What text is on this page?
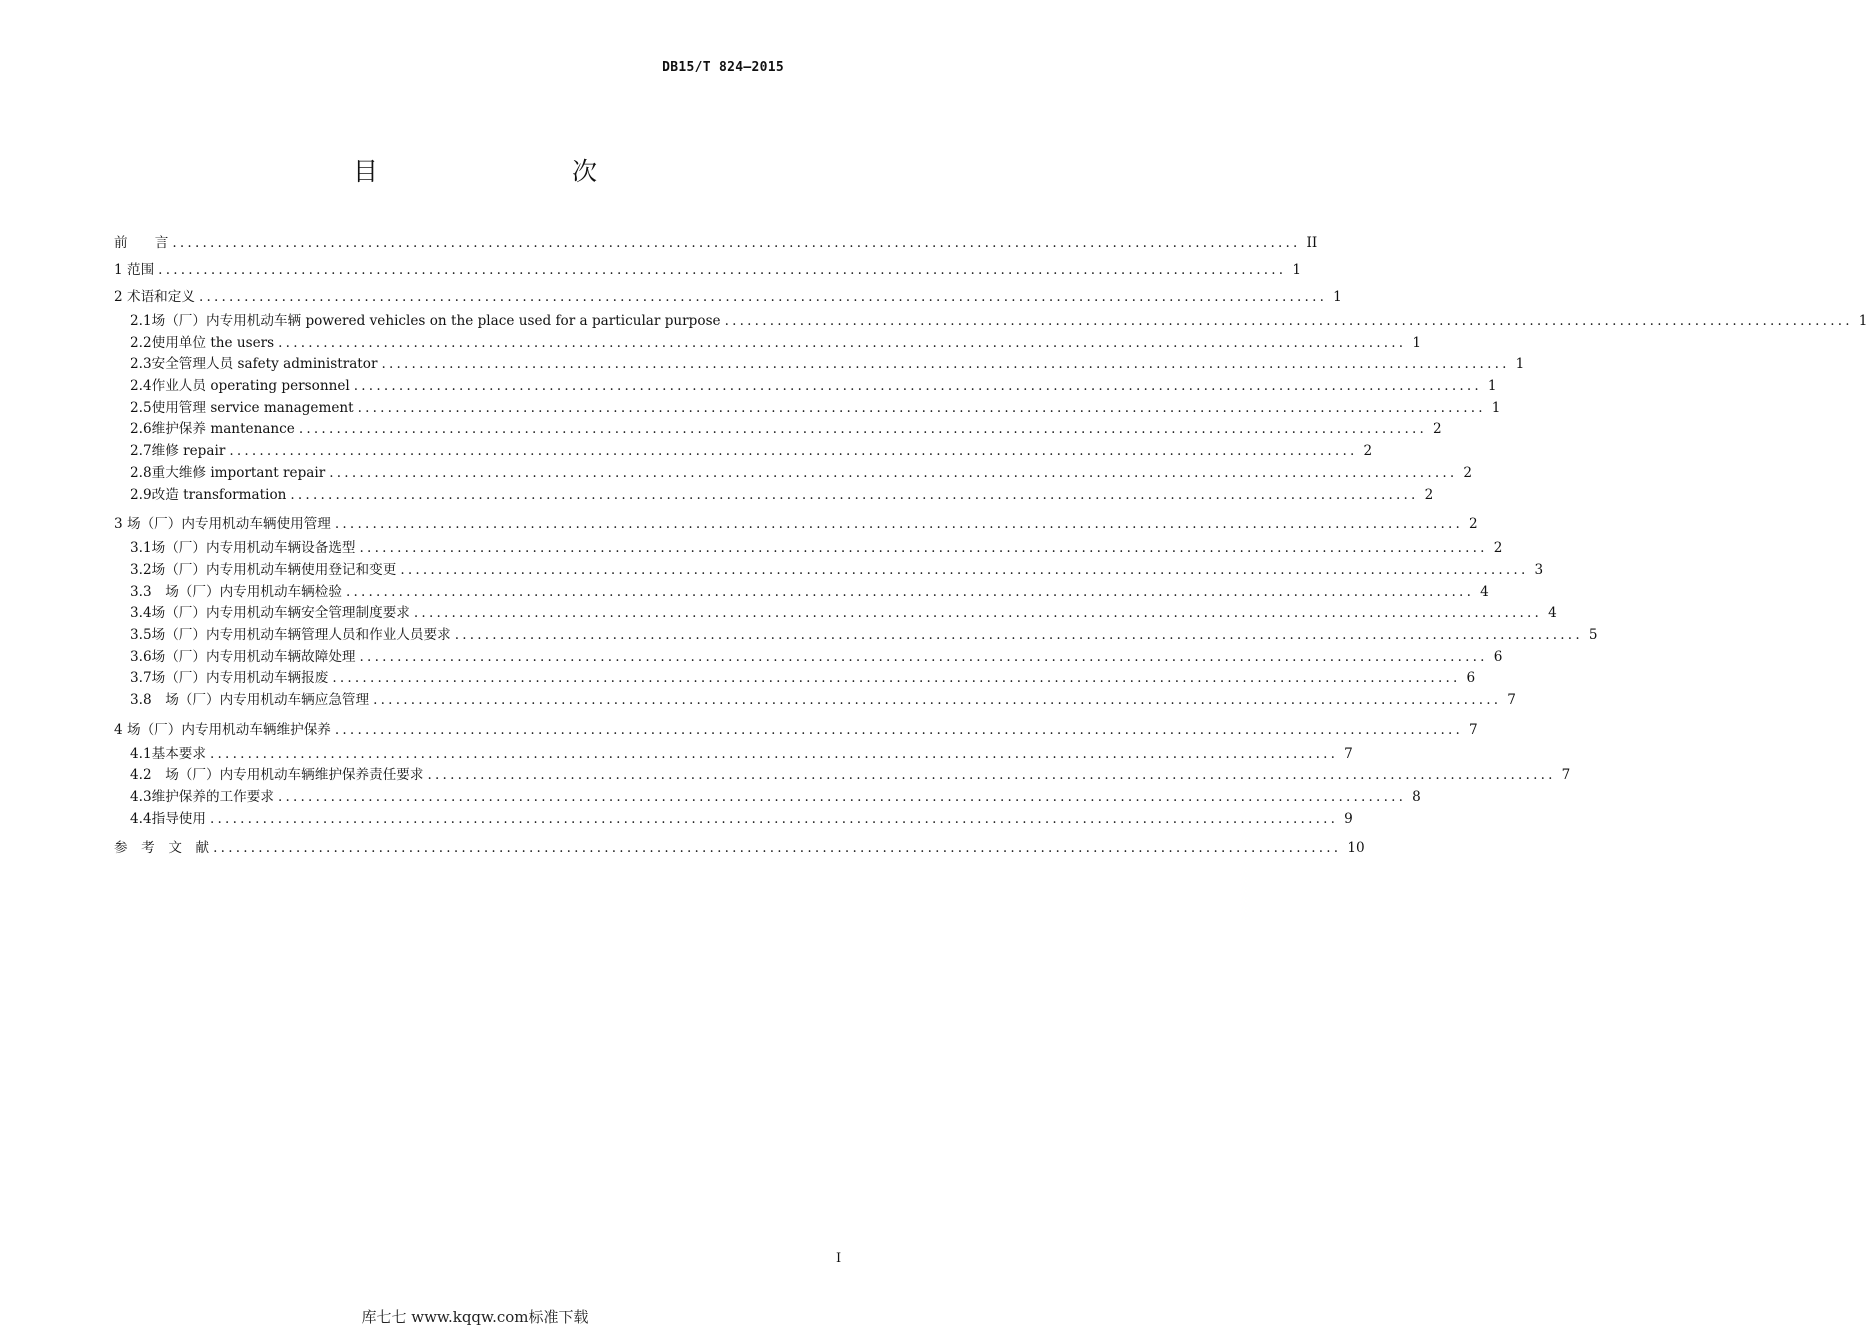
DB15/T 824—2015
目　　次
前　　言 ...................................................................................................................................................... II
1 范围 ...................................................................................................................................................... 1
2 术语和定义 ...................................................................................................................................................... 1
2.1场（厂）内专用机动车辆 powered vehicles on the place used for a particular purpose ...................................................................................................................................................... 1
2.2使用单位 the users ...................................................................................................................................................... 1
2.3安全管理人员 safety administrator ...................................................................................................................................................... 1
2.4作业人员 operating personnel ...................................................................................................................................................... 1
2.5使用管理 service management ...................................................................................................................................................... 1
2.6维护保养 mantenance ...................................................................................................................................................... 2
2.7维修 repair ...................................................................................................................................................... 2
2.8重大维修 important repair ...................................................................................................................................................... 2
2.9改造 transformation ...................................................................................................................................................... 2
3 场（厂）内专用机动车辆使用管理 ...................................................................................................................................................... 2
3.1场（厂）内专用机动车辆设备选型 ...................................................................................................................................................... 2
3.2场（厂）内专用机动车辆使用登记和变更 ...................................................................................................................................................... 3
3.3　场（厂）内专用机动车辆检验 ...................................................................................................................................................... 4
3.4场（厂）内专用机动车辆安全管理制度要求 ...................................................................................................................................................... 4
3.5场（厂）内专用机动车辆管理人员和作业人员要求 ...................................................................................................................................................... 5
3.6场（厂）内专用机动车辆故障处理 ...................................................................................................................................................... 6
3.7场（厂）内专用机动车辆报废 ...................................................................................................................................................... 6
3.8　场（厂）内专用机动车辆应急管理 ...................................................................................................................................................... 7
4 场（厂）内专用机动车辆维护保养 ...................................................................................................................................................... 7
4.1基本要求 ...................................................................................................................................................... 7
4.2　场（厂）内专用机动车辆维护保养责任要求 ...................................................................................................................................................... 7
4.3维护保养的工作要求 ...................................................................................................................................................... 8
4.4指导使用 ...................................................................................................................................................... 9
参　考　文　献 ...................................................................................................................................................... 10
I
库七七 www.kqqw.com标准下载
